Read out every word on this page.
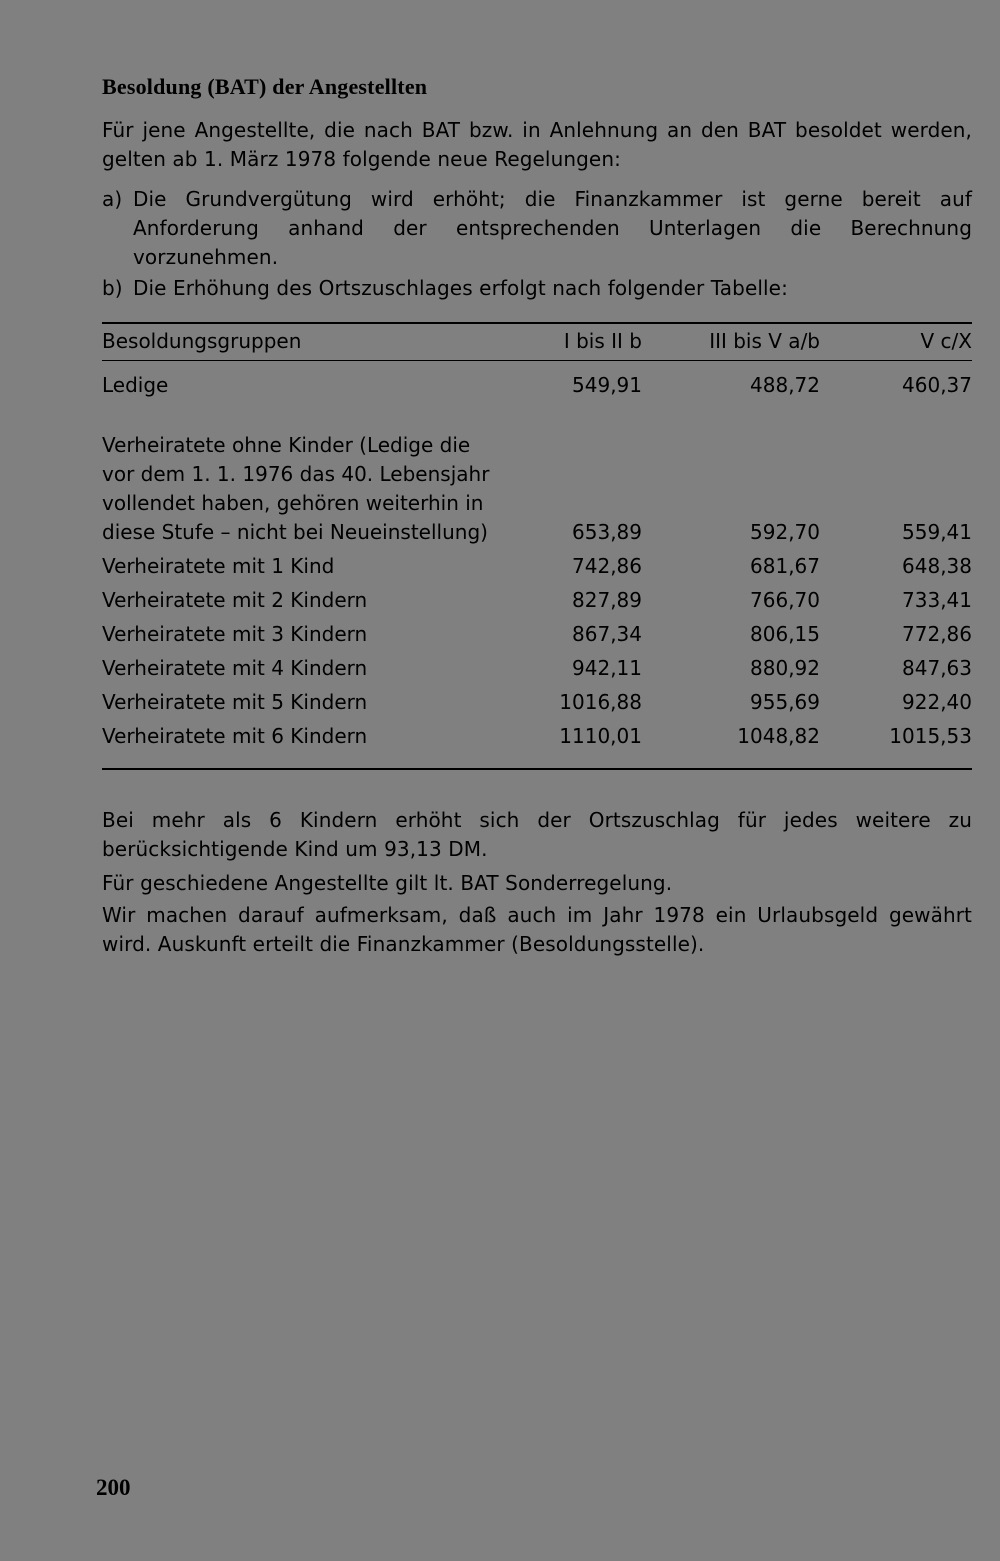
Besoldung (BAT) der Angestellten

Für jene Angestellte, die nach BAT bzw. in Anlehnung an den BAT besoldet werden, gelten ab 1. März 1978 folgende neue Regelungen:

a) Die Grundvergütung wird erhöht; die Finanzkammer ist gerne bereit auf Anforderung anhand der entsprechenden Unterlagen die Berechnung vorzunehmen.
b) Die Erhöhung des Ortszuschlages erfolgt nach folgender Tabelle:
Besoldungsgruppen	I bis II b	III bis V a/b	V c/X
Ledige	549,91	488,72	460,37
Verheiratete ohne Kinder (Ledige die vor dem 1. 1. 1976 das 40. Lebensjahr vollendet haben, gehören weiterhin in diese Stufe – nicht bei Neueinstellung)	653,89	592,70	559,41
Verheiratete mit 1 Kind	742,86	681,67	648,38
Verheiratete mit 2 Kindern	827,89	766,70	733,41
Verheiratete mit 3 Kindern	867,34	806,15	772,86
Verheiratete mit 4 Kindern	942,11	880,92	847,63
Verheiratete mit 5 Kindern	1016,88	955,69	922,40
Verheiratete mit 6 Kindern	1110,01	1048,82	1015,53

Bei mehr als 6 Kindern erhöht sich der Ortszuschlag für jedes weitere zu berücksichtigende Kind um 93,13 DM.

Für geschiedene Angestellte gilt lt. BAT Sonderregelung.

Wir machen darauf aufmerksam, daß auch im Jahr 1978 ein Urlaubsgeld gewährt wird. Auskunft erteilt die Finanzkammer (Besoldungsstelle).

200
